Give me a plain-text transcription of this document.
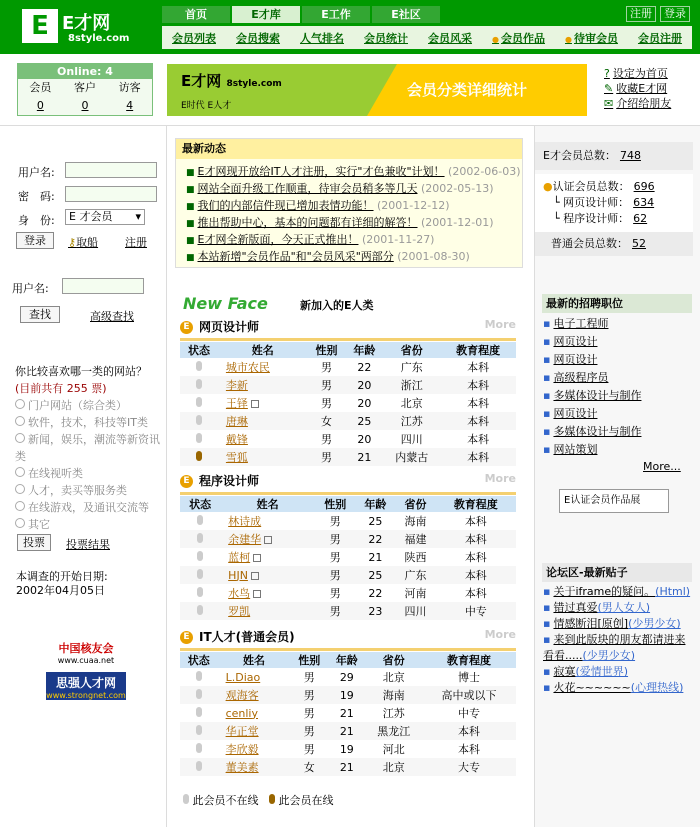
E E才网
8style.com
首页	E才库	E工作	E社区	注册	登录
会员列表 会员搜索 人气排名 会员统计 会员风采	● 会员作品	● 待审会员 会员注册
Online: 4
会员	客户	访客
0	0	4
E才网 8style.com
E时代 E人才
会员分类详细统计
? 设定为首页
✎ 收藏E才网
✉ 介绍给朋友
用户名:
密　码:
身　份:	E 才会员 ▾
登录	⚷取船 注册
用户名:
查找	高级查找
你比较喜欢哪一类的网站？
(目前共有 255 票)
门户网站（综合类）
软件，技术，科技等IT类
新闻，娱乐，潮流等新资讯类
在线视听类
人才，卖买等服务类
在线游戏，及通讯交流等
其它
投票	投票结果
本调查的开始日期:
2002年04月05日
中国核友会
www.cuaa.net
思强人才网
www.strongnet.com
最新动态
■ E才网现开放给IT人才注册，实行"才色兼收"计划！ (2002-06-03)
■ 网站全面升级工作顺重，待审会员稍多等几天 (2002-05-13)
■ 我们的内部信件现已增加表情功能！ (2001-12-12)
■ 推出帮助中心，基本的问题都有详细的解答！ (2001-12-01)
■ E才网全新版面，今天正式推出！ (2001-11-27)
■ 本站新增"会员作品"和"会员风采"两部分 (2001-08-30)
New Face	新加入的E人类
E 网页设计师	More
状态	姓名	性别	年龄	省份	教育程度
	城市农民	男	22	广东	本科
	李新	男	20	浙江	本科
	王铎	男	20	北京	本科
	唐琳	女	25	江苏	本科
	戴锋	男	20	四川	本科
	雪狐	男	21	内蒙古	本科
E 程序设计师	More
状态	姓名	性别	年龄	省份	教育程度
	林诗成	男	25	海南	本科
	余建华	男	22	福建	本科
	蓝柯	男	21	陕西	本科
	HJN	男	25	广东	本科
	水鸟	男	22	河南	本科
	罗凯	男	23	四川	中专
E IT人才(普通会员)	More
状态	姓名	性别	年龄	省份	教育程度
	L.Diao	男	29	北京	博士
	观海客	男	19	海南	高中或以下
	cenliy	男	21	江苏	中专
	华正堂	男	21	黑龙江	本科
	李欣毅	男	19	河北	本科
	董美素	女	21	北京	大专
此会员不在线 此会员在线
E才会员总数： 748
●认证会员总数： 696
└ 网页设计师： 634
└ 程序设计师： 62
普通会员总数： 52
最新的招聘职位
▪ 电子工程师
▪ 网页设计
▪ 网页设计
▪ 高级程序员
▪ 多媒体设计与制作
▪ 网页设计
▪ 多媒体设计与制作
▪ 网站策划
More...
E认证会员作品展
论坛区-最新贴子
▪ 关于iframe的疑问。(Html)
▪ 错过真爱(男人女人)
▪ 情感断泪[原创](少男少女)
▪ 来到此版块的朋友都请进来看看.....(少男少女)
▪ 寂寞(爱情世界)
▪ 火花~~~~~~(心理热线)
